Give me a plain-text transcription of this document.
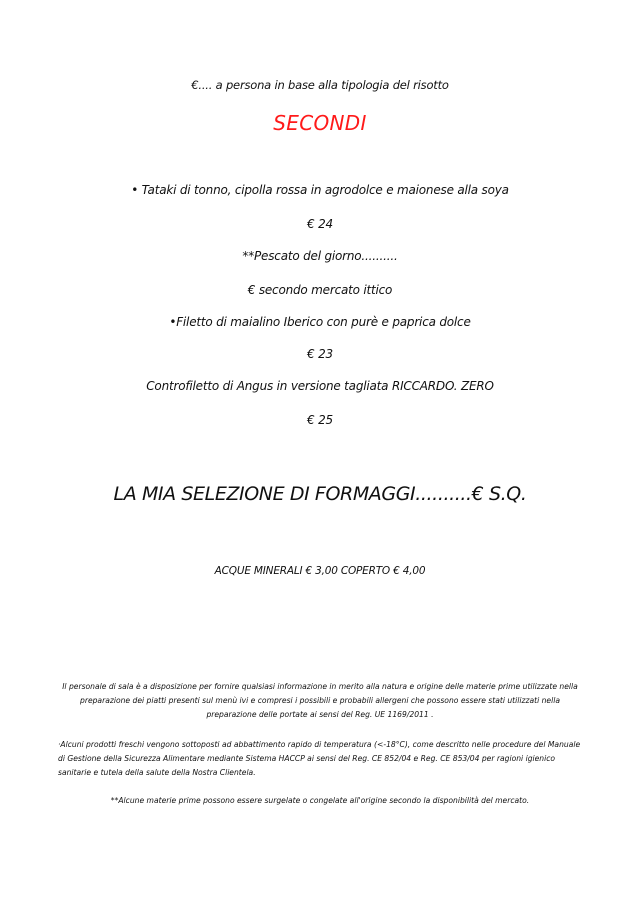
€.... a persona in base alla tipologia del risotto
SECONDI
• Tataki di tonno, cipolla rossa in agrodolce e maionese alla soya
€ 24
**Pescato del giorno..........
€ secondo mercato ittico
•Filetto di maialino Iberico con purè e paprica dolce
€ 23
Controfiletto di Angus in versione tagliata RICCARDO. ZERO
€ 25
LA MIA SELEZIONE DI FORMAGGI..........€ S.Q.
ACQUE MINERALI € 3,00 COPERTO € 4,00
Il personale di sala è a disposizione per fornire qualsiasi informazione in merito alla natura e origine delle materie prime utilizzate nella preparazione dei piatti presenti sul menù ivi e compresi i possibili e probabili allergeni che possono essere stati utilizzati nella preparazione delle portate ai sensi del Reg. UE 1169/2011 .
·Alcuni prodotti freschi vengono sottoposti ad abbattimento rapido di temperatura (<-18°C), come descritto nelle procedure del Manuale di Gestione della Sicurezza Alimentare mediante Sistema HACCP ai sensi del Reg. CE 852/04 e Reg. CE 853/04 per ragioni igienico sanitarie e tutela della salute della Nostra Clientela.
**Alcune materie prime possono essere surgelate o congelate all'origine secondo la disponibilità del mercato.
